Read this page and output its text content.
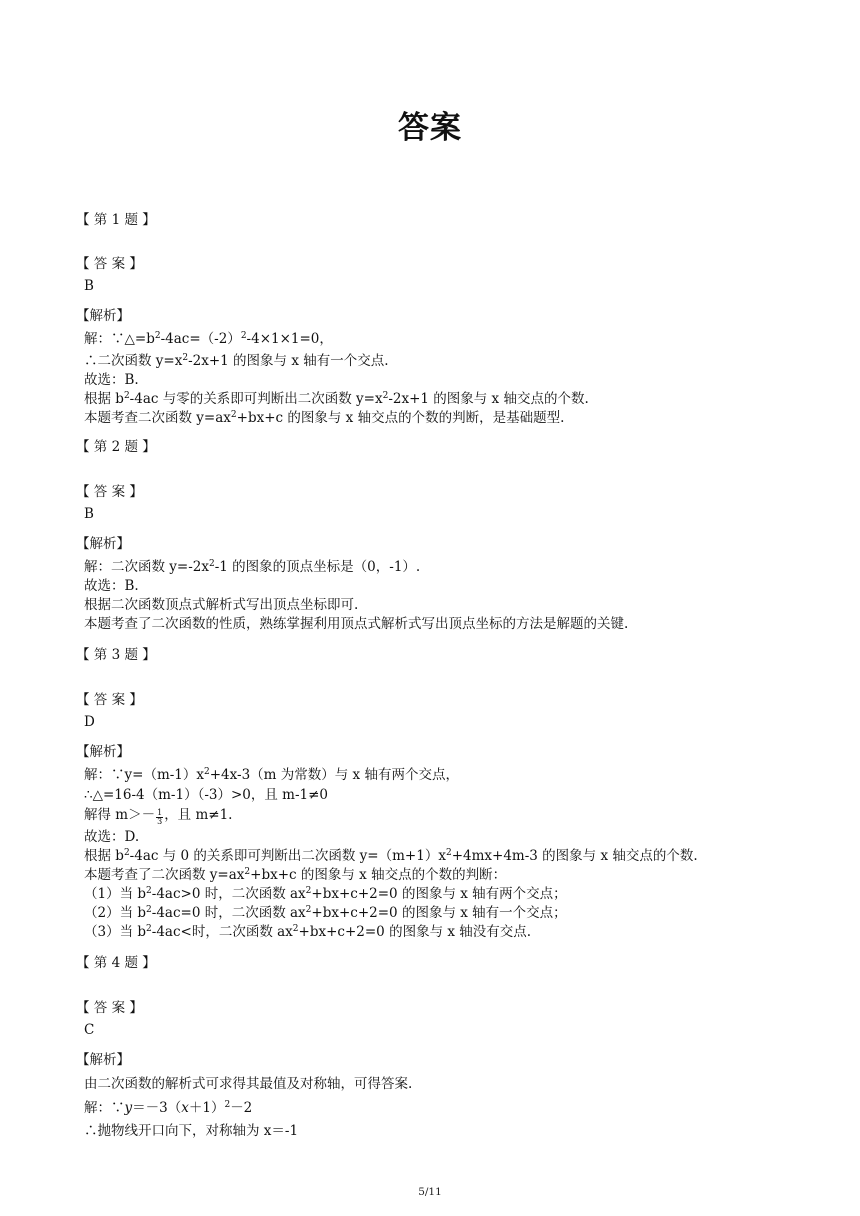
答案
【 第 1 题 】
【 答 案 】
B
【解析】
解：$\because\triangle=b^2-4ac=(-2)^2-4\times 1\times 1=0$，
∴二次函数 $y=x^2-2x+1$ 的图象与 x 轴有一个交点.
故选：B.
根据 $b^2-4ac$ 与零的关系即可判断出二次函数 $y=x^2-2x+1$ 的图象与 x 轴交点的个数.
本题考查二次函数 $y=ax^2+bx+c$ 的图象与 x 轴交点的个数的判断，是基础题型.
【 第 2 题 】
【 答 案 】
B
【解析】
解：二次函数 $y=-2x^2-1$ 的图象的顶点坐标是（0，-1）.
故选：B.
根据二次函数顶点式解析式写出顶点坐标即可.
本题考查了二次函数的性质，熟练掌握利用顶点式解析式写出顶点坐标的方法是解题的关键.
【 第 3 题 】
【 答 案 】
D
【解析】
解：$\because y=(m-1)x^2+4x-3(m$ 为常数）与 x 轴有两个交点，
∴△=16-4（m-1）（-3）>0，且 m-1≠0
解得 $m>- \frac{1}{3}$ ，且 m≠1.
故选：D.
根据 $b^2-4ac$ 与 0 的关系即可判断出二次函数 $y=(m+1)x^2+4mx+4m-3$ 的图象与 x 轴交点的个数.
本题考查了二次函数 $y=ax^2+bx+c$ 的图象与 x 轴交点的个数的判断：
（1）当 $b^2-4ac>0$ 时，二次函数 $ax^2+bx+c+2=0$ 的图象与 x 轴有两个交点；
（2）当 $b^2-4ac=0$ 时，二次函数 $ax^2+bx+c+2=0$ 的图象与 x 轴有一个交点；
（3）当 $b^2-4ac<$时，二次函数 $ax^2+bx+c+2=0$ 的图象与 x 轴没有交点.
【 第 4 题 】
【 答 案 】
C
【解析】
由二次函数的解析式可求得其最值及对称轴，可得答案.
解：$\because y=-3(x+1)^2-2$
∴抛物线开口向下，对称轴为 x＝-1
5/11
